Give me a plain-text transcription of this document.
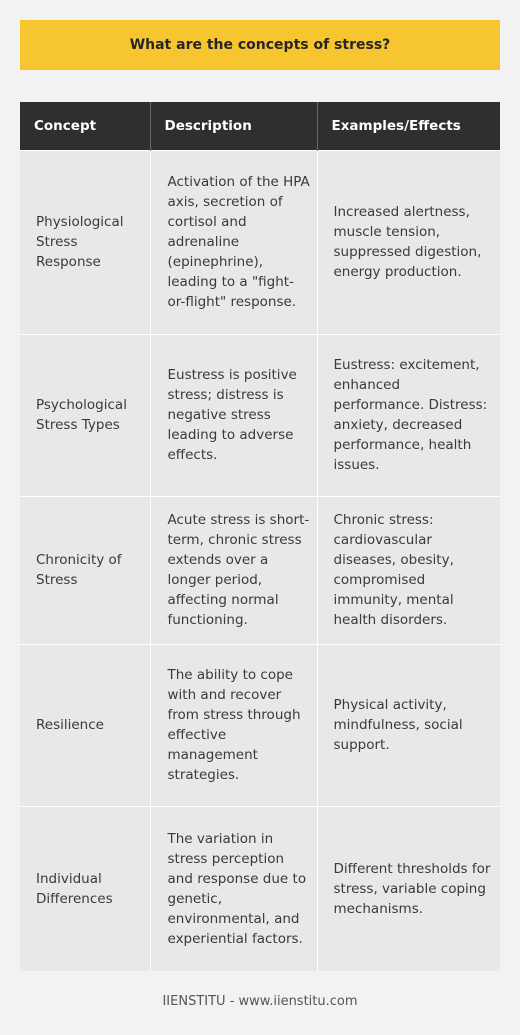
What are the concepts of stress?
Concept	Description	Examples/Effects
Physiological Stress Response	Activation of the HPA axis, secretion of cortisol and adrenaline (epinephrine), leading to a "fight-or-flight" response.	Increased alertness, muscle tension, suppressed digestion, energy production.
Psychological Stress Types	Eustress is positive stress; distress is negative stress leading to adverse effects.	Eustress: excitement, enhanced performance. Distress: anxiety, decreased performance, health issues.
Chronicity of Stress	Acute stress is short-term, chronic stress extends over a longer period, affecting normal functioning.	Chronic stress: cardiovascular diseases, obesity, compromised immunity, mental health disorders.
Resilience	The ability to cope with and recover from stress through effective management strategies.	Physical activity, mindfulness, social support.
Individual Differences	The variation in stress perception and response due to genetic, environmental, and experiential factors.	Different thresholds for stress, variable coping mechanisms.
IIENSTITU - www.iienstitu.com
